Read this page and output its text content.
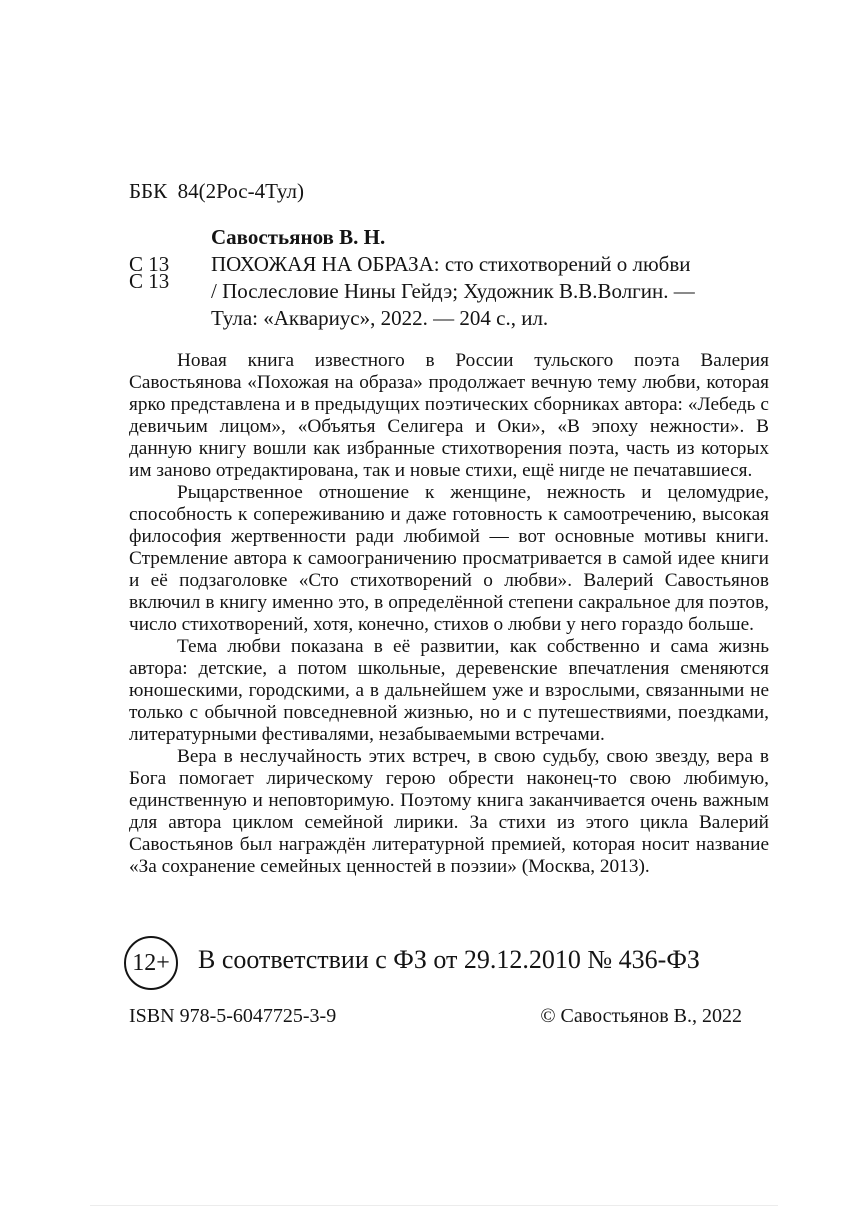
ББК  84(2Рос-4Тул)

С 13

С 13
Савостьянов В. Н.
ПОХОЖАЯ НА ОБРАЗА: сто стихотворений о любви
/ Послесловие Нины Гейдэ; Художник В.В.Волгин. —
Тула: «Аквариус», 2022. — 204 с., ил.

Новая книга известного в России тульского поэта Валерия Савостьянова «Похожая на образа» продолжает вечную тему любви, которая ярко представлена и в предыдущих поэтических сборниках автора: «Лебедь с девичьим лицом», «Объятья Селигера и Оки», «В эпоху нежности». В данную книгу вошли как избранные стихотворения поэта, часть из которых им заново отредактирована, так и новые стихи, ещё нигде не печатавшиеся.

Рыцарственное отношение к женщине, нежность и целомудрие, способность к сопереживанию и даже готовность к самоотречению, высокая философия жертвенности ради любимой — вот основные мотивы книги. Стремление автора к самоограничению просматривается в самой идее книги и её подзаголовке «Сто стихотворений о любви». Валерий Савостьянов включил в книгу именно это, в определённой степени сакральное для поэтов, число стихотворений, хотя, конечно, стихов о любви у него гораздо больше.

Тема любви показана в её развитии, как собственно и сама жизнь автора: детские, а потом школьные, деревенские впечатления сменяются юношескими, городскими, а в дальнейшем уже и взрослыми, связанными не только с обычной повседневной жизнью, но и с путешествиями, поездками, литературными фестивалями, незабываемыми встречами.

Вера в неслучайность этих встреч, в свою судьбу, свою звезду, вера в Бога помогает лирическому герою обрести наконец-то свою любимую, единственную и неповторимую. Поэтому книга заканчивается очень важным для автора циклом семейной лирики. За стихи из этого цикла Валерий Савостьянов был награждён литературной премией, которая носит название «За сохранение семейных ценностей в поэзии» (Москва, 2013).

12+ В соответствии с ФЗ от 29.12.2010 № 436-ФЗ
ISBN 978-5-6047725-3-9	© Савостьянов В., 2022
